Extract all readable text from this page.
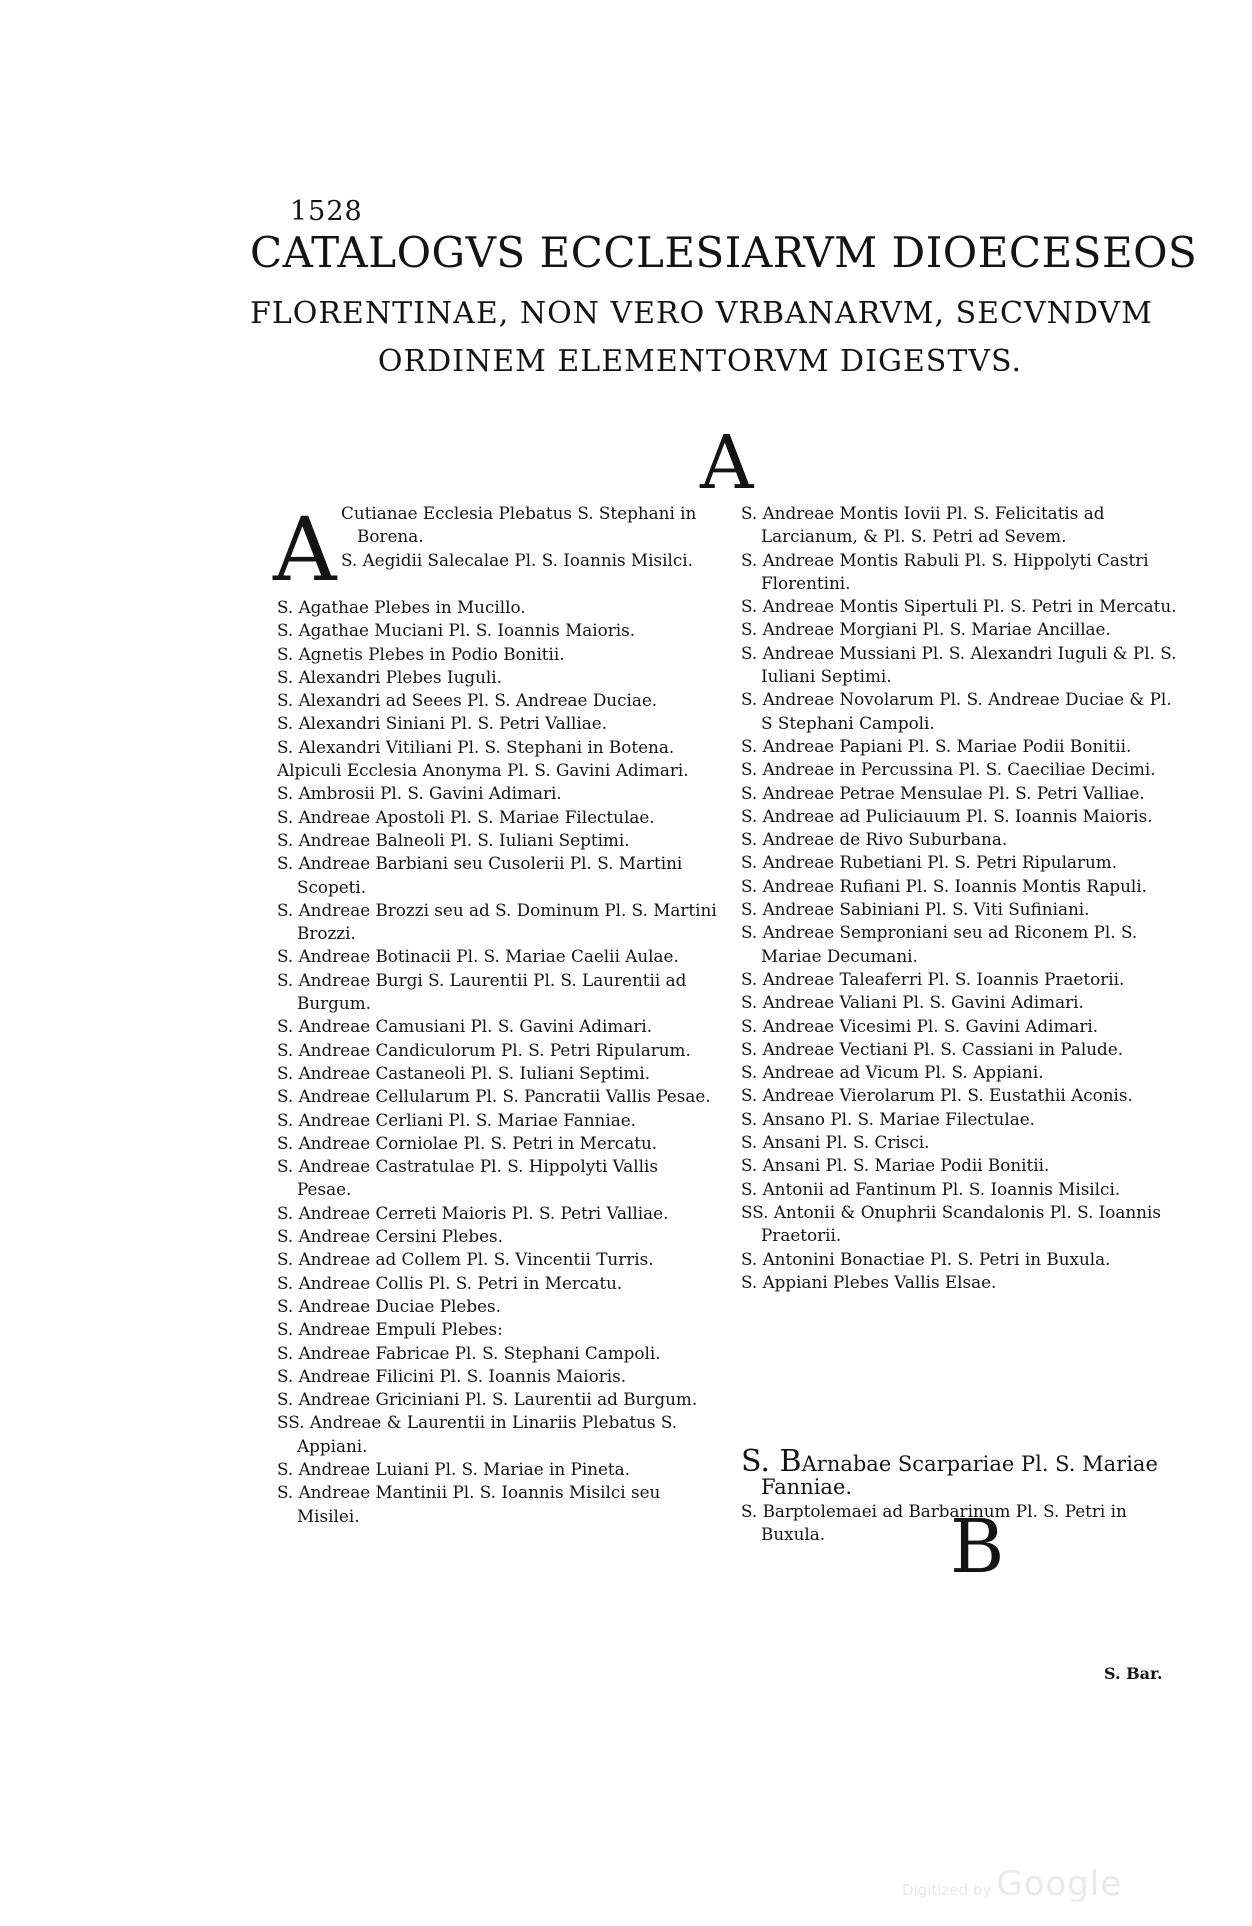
1528
CATALOGVS ECCLESIARVM DIOECESEOS
FLORENTINAE, NON VERO VRBANARVM, SECVNDVM
ORDINEM ELEMENTORVM DIGESTVS.
A
A Cutianae Ecclesia Plebatus S. Stephani in Borena.

S. Aegidii Salecalae Pl. S. Ioannis Misilci.

S. Agathae Plebes in Mucillo.

S. Agathae Muciani Pl. S. Ioannis Maioris.

S. Agnetis Plebes in Podio Bonitii.

S. Alexandri Plebes Iuguli.

S. Alexandri ad Seees Pl. S. Andreae Duciae.

S. Alexandri Siniani Pl. S. Petri Valliae.

S. Alexandri Vitiliani Pl. S. Stephani in Botena.

Alpiculi Ecclesia Anonyma Pl. S. Gavini Adimari.

S. Ambrosii Pl. S. Gavini Adimari.

S. Andreae Apostoli Pl. S. Mariae Filectulae.

S. Andreae Balneoli Pl. S. Iuliani Septimi.

S. Andreae Barbiani seu Cusolerii Pl. S. Martini Scopeti.

S. Andreae Brozzi seu ad S. Dominum Pl. S. Martini Brozzi.

S. Andreae Botinacii Pl. S. Mariae Caelii Aulae.

S. Andreae Burgi S. Laurentii Pl. S. Laurentii ad Burgum.

S. Andreae Camusiani Pl. S. Gavini Adimari.

S. Andreae Candiculorum Pl. S. Petri Ripularum.

S. Andreae Castaneoli Pl. S. Iuliani Septimi.

S. Andreae Cellularum Pl. S. Pancratii Vallis Pesae.

S. Andreae Cerliani Pl. S. Mariae Fanniae.

S. Andreae Corniolae Pl. S. Petri in Mercatu.

S. Andreae Castratulae Pl. S. Hippolyti Vallis Pesae.

S. Andreae Cerreti Maioris Pl. S. Petri Valliae.

S. Andreae Cersini Plebes.

S. Andreae ad Collem Pl. S. Vincentii Turris.

S. Andreae Collis Pl. S. Petri in Mercatu.

S. Andreae Duciae Plebes.

S. Andreae Empuli Plebes:

S. Andreae Fabricae Pl. S. Stephani Campoli.

S. Andreae Filicini Pl. S. Ioannis Maioris.

S. Andreae Griciniani Pl. S. Laurentii ad Burgum.

SS. Andreae & Laurentii in Linariis Plebatus S. Appiani.

S. Andreae Luiani Pl. S. Mariae in Pineta.

S. Andreae Mantinii Pl. S. Ioannis Misilci seu Misilei.

S. Andreae Montis Iovii Pl. S. Felicitatis ad Larcianum, & Pl. S. Petri ad Sevem.

S. Andreae Montis Rabuli Pl. S. Hippolyti Castri Florentini.

S. Andreae Montis Sipertuli Pl. S. Petri in Mercatu.

S. Andreae Morgiani Pl. S. Mariae Ancillae.

S. Andreae Mussiani Pl. S. Alexandri Iuguli & Pl. S. Iuliani Septimi.

S. Andreae Novolarum Pl. S. Andreae Duciae & Pl. S Stephani Campoli.

S. Andreae Papiani Pl. S. Mariae Podii Bonitii.

S. Andreae in Percussina Pl. S. Caeciliae Decimi.

S. Andreae Petrae Mensulae Pl. S. Petri Valliae.

S. Andreae ad Puliciauum Pl. S. Ioannis Maioris.

S. Andreae de Rivo Suburbana.

S. Andreae Rubetiani Pl. S. Petri Ripularum.

S. Andreae Rufiani Pl. S. Ioannis Montis Rapuli.

S. Andreae Sabiniani Pl. S. Viti Sufiniani.

S. Andreae Semproniani seu ad Riconem Pl. S. Mariae Decumani.

S. Andreae Taleaferri Pl. S. Ioannis Praetorii.

S. Andreae Valiani Pl. S. Gavini Adimari.

S. Andreae Vicesimi Pl. S. Gavini Adimari.

S. Andreae Vectiani Pl. S. Cassiani in Palude.

S. Andreae ad Vicum Pl. S. Appiani.

S. Andreae Vierolarum Pl. S. Eustathii Aconis.

S. Ansano Pl. S. Mariae Filectulae.

S. Ansani Pl. S. Crisci.

S. Ansani Pl. S. Mariae Podii Bonitii.

S. Antonii ad Fantinum Pl. S. Ioannis Misilci.

SS. Antonii & Onuphrii Scandalonis Pl. S. Ioannis Praetorii.

S. Antonini Bonactiae Pl. S. Petri in Buxula.

S. Appiani Plebes Vallis Elsae.

S. BArnabae Scarpariae Pl. S. Mariae Fanniae.

S. Barptolemaei ad Barbarinum Pl. S. Petri in Buxula.	B
S. Bar.
Digitized by Google
